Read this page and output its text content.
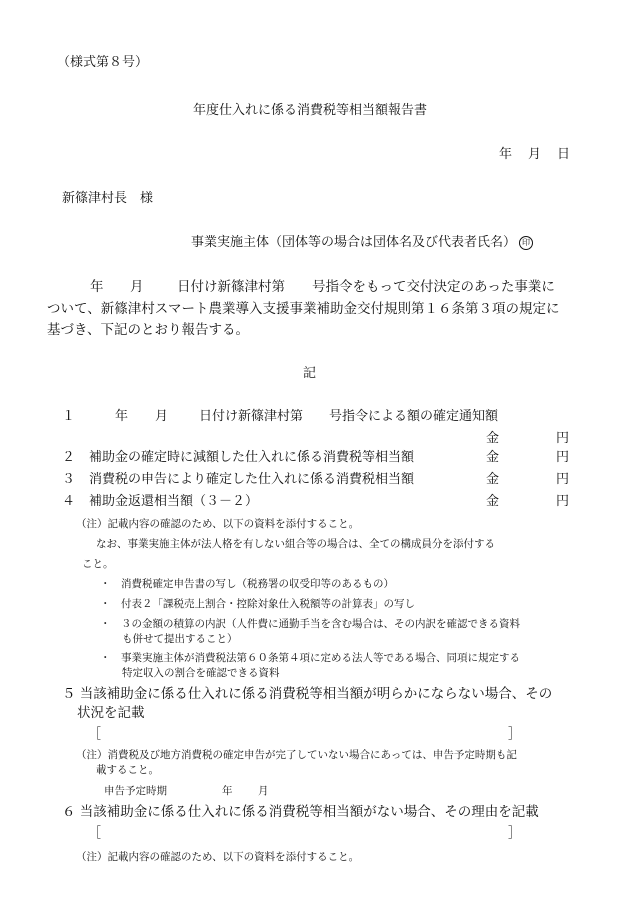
（様式第８号）
年度仕入れに係る消費税等相当額報告書
年 月 日
新篠津村長　様
事業実施主体（団体等の場合は団体名及び代表者氏名） 印
年 月 日付け新篠津村第　　号指令をもって交付決定のあった事業に
ついて、新篠津村スマート農業導入支援事業補助金交付規則第１６条第３項の規定に
基づき、下記のとおり報告する。
記
１	年 月 日付け新篠津村第　　号指令による額の確定通知額
金	円
２ 補助金の確定時に減額した仕入れに係る消費税等相当額	金	円
３ 消費税の申告により確定した仕入れに係る消費税相当額	金	円
４ 補助金返還相当額（３－２）	金	円
（注）記載内容の確認のため、以下の資料を添付すること。
なお、事業実施主体が法人格を有しない組合等の場合は、全ての構成員分を添付する
こと。
・　消費税確定申告書の写し（税務署の収受印等のあるもの）
・　付表２「課税売上割合・控除対象仕入税額等の計算表」の写し
・　３の金額の積算の内訳（人件費に通勤手当を含む場合は、その内訳を確認できる資料
も併せて提出すること）
・　事業実施主体が消費税法第６０条第４項に定める法人等である場合、同項に規定する
特定収入の割合を確認できる資料
５ 当該補助金に係る仕入れに係る消費税等相当額が明らかにならない場合、その
状況を記載
［	］
（注）消費税及び地方消費税の確定申告が完了していない場合にあっては、申告予定時期も記
載すること。
申告予定時期	年 月
６ 当該補助金に係る仕入れに係る消費税等相当額がない場合、その理由を記載
［	］
（注）記載内容の確認のため、以下の資料を添付すること。
